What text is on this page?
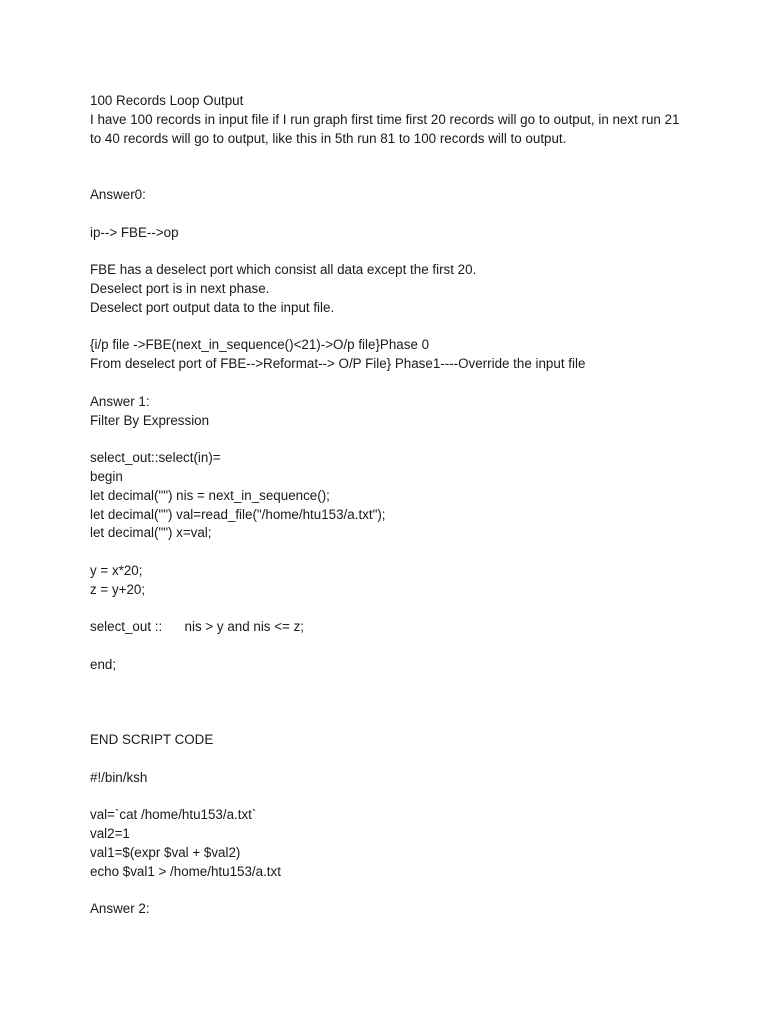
100 Records Loop Output

I have 100 records in input file if I run graph first time first 20 records will go to output, in next run 21 to 40 records will go to output, like this in 5th run 81 to 100 records will to output.

Answer0:

ip--> FBE-->op

FBE has a deselect port which consist all data except the first 20.

Deselect port is in next phase.

Deselect port output data to the input file.

{i/p file ->FBE(next_in_sequence()<21)->O/p file}Phase 0

From deselect port of FBE-->Reformat--> O/P File} Phase1----Override the input file

Answer 1:

Filter By Expression

select_out::select(in)=

begin

let decimal("") nis = next_in_sequence();

let decimal("") val=read_file("/home/htu153/a.txt");

let decimal("") x=val;

y = x*20;

z = y+20;

select_out ::      nis > y and nis <= z;

end;

END SCRIPT CODE

#!/bin/ksh

val=`cat /home/htu153/a.txt`

val2=1

val1=$(expr $val + $val2)

echo $val1 > /home/htu153/a.txt

Answer 2:
